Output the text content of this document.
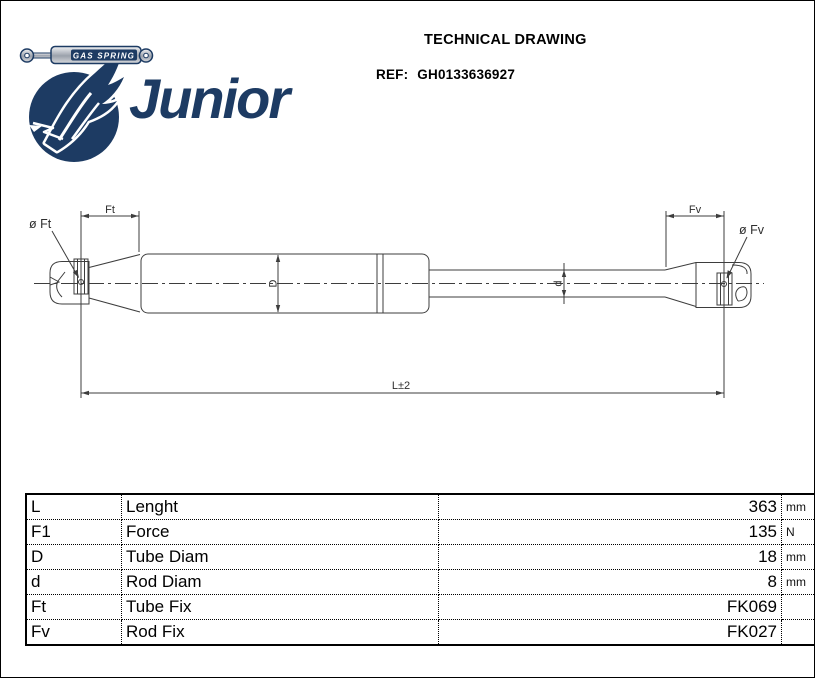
Junior
GAS SPRING
TECHNICAL DRAWING
REF: GH0133636927
Ft	Fv
ø Ft	ø Fv
D	d
L±2
L	Lenght	363	mm
F1	Force	135	N
D	Tube Diam	18	mm
d	Rod Diam	8	mm
Ft	Tube Fix	FK069	
Fv	Rod Fix	FK027	
